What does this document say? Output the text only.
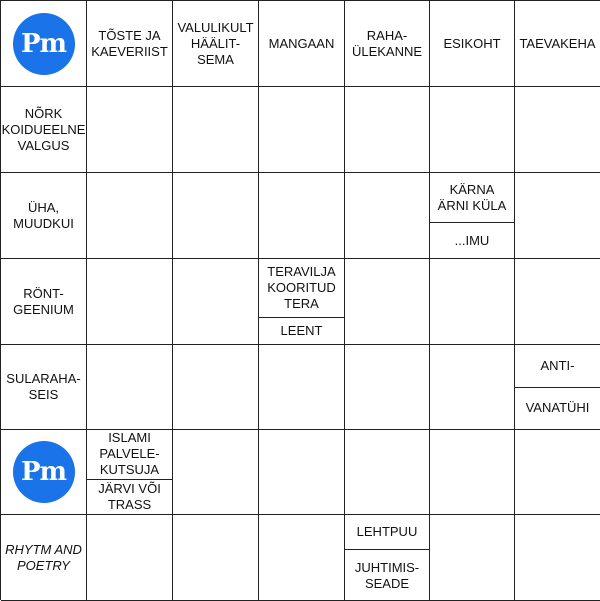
Pm	TÕSTE JA
KAEVERIIST
VALULIKULT
HÄÄLIT-
SEMA
MANGAAN
RAHA-
ÜLEKANNE
ESIKOHT	TAEVAKEHA
NÕRK
KOIDUEELNE
VALGUS
ÜHA,
MUUDKUI
KÄRNA
ÄRNI KÜLA
...IMU
RÖNT-
GEENIUM
TERAVILJA
KOORITUD
TERA
LEENT
SULARAHA-
SEIS
ANTI-
VANATÜHI
Pm
ISLAMI
PALVELE-
KUTSUJA
JÄRVI VÕI
TRASS
RHYTM AND
POETRY
LEHTPUU
JUHTIMIS-
SEADE
